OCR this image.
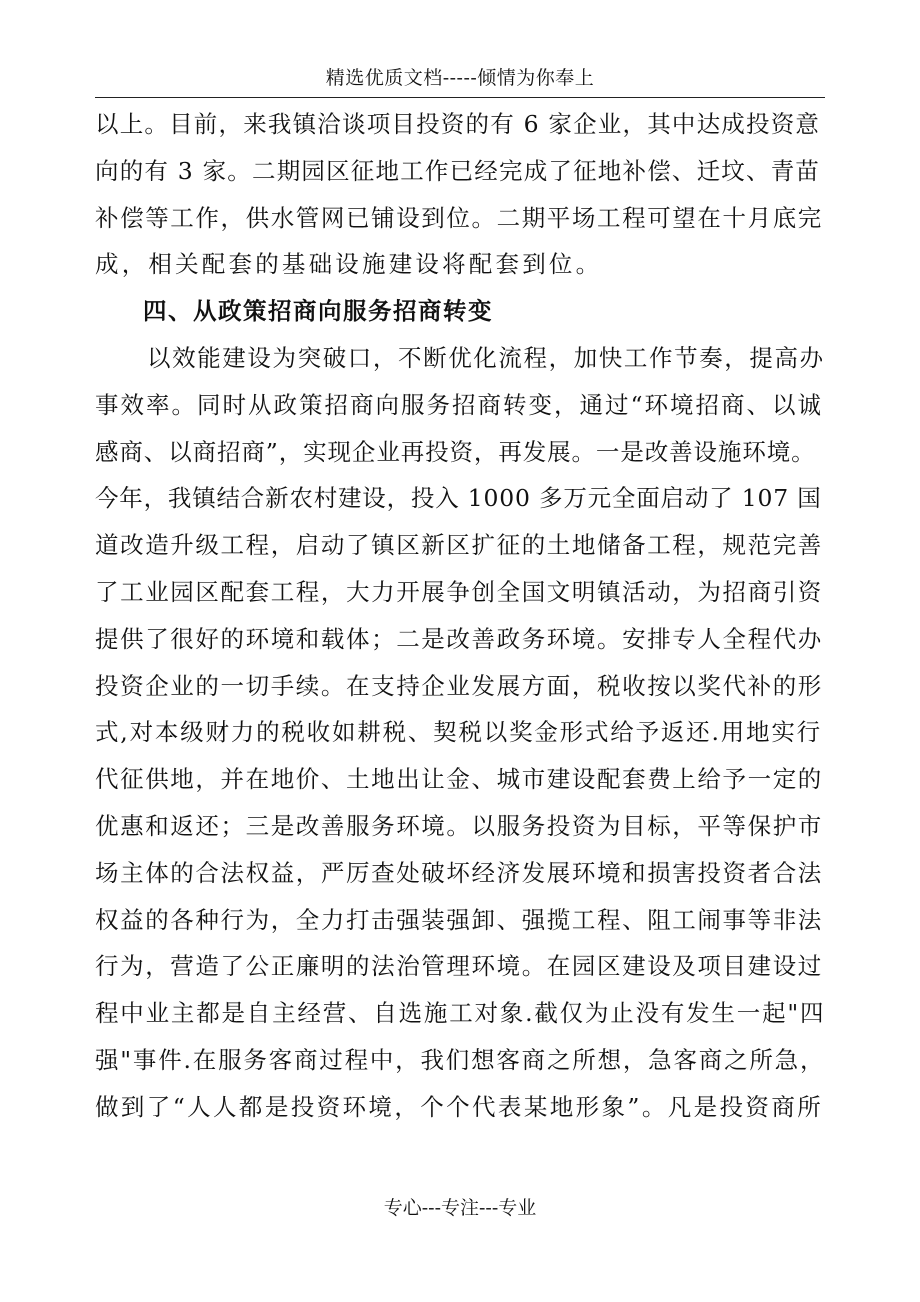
精选优质文档-----倾情为你奉上
以上。目前，来我镇洽谈项目投资的有 6 家企业，其中达成投资意
向的有 3 家。二期园区征地工作已经完成了征地补偿、迁坟、青苗
补偿等工作，供水管网已铺设到位。二期平场工程可望在十月底完
成，相关配套的基础设施建设将配套到位。
四、从政策招商向服务招商转变
以效能建设为突破口，不断优化流程，加快工作节奏，提高办
事效率。同时从政策招商向服务招商转变，通过“环境招商、以诚
感商、以商招商”，实现企业再投资，再发展。一是改善设施环境。
今年，我镇结合新农村建设，投入 1000 多万元全面启动了 107 国
道改造升级工程，启动了镇区新区扩征的土地储备工程，规范完善
了工业园区配套工程，大力开展争创全国文明镇活动，为招商引资
提供了很好的环境和载体；二是改善政务环境。安排专人全程代办
投资企业的一切手续。在支持企业发展方面，税收按以奖代补的形
式,对本级财力的税收如耕税、契税以奖金形式给予返还.用地实行
代征供地，并在地价、土地出让金、城市建设配套费上给予一定的
优惠和返还；三是改善服务环境。以服务投资为目标，平等保护市
场主体的合法权益，严厉查处破坏经济发展环境和损害投资者合法
权益的各种行为，全力打击强装强卸、强揽工程、阻工闹事等非法
行为，营造了公正廉明的法治管理环境。在园区建设及项目建设过
程中业主都是自主经营、自选施工对象.截仅为止没有发生一起"四
强"事件.在服务客商过程中，我们想客商之所想，急客商之所急，
做到了“人人都是投资环境，个个代表某地形象”。凡是投资商所
专心---专注---专业
